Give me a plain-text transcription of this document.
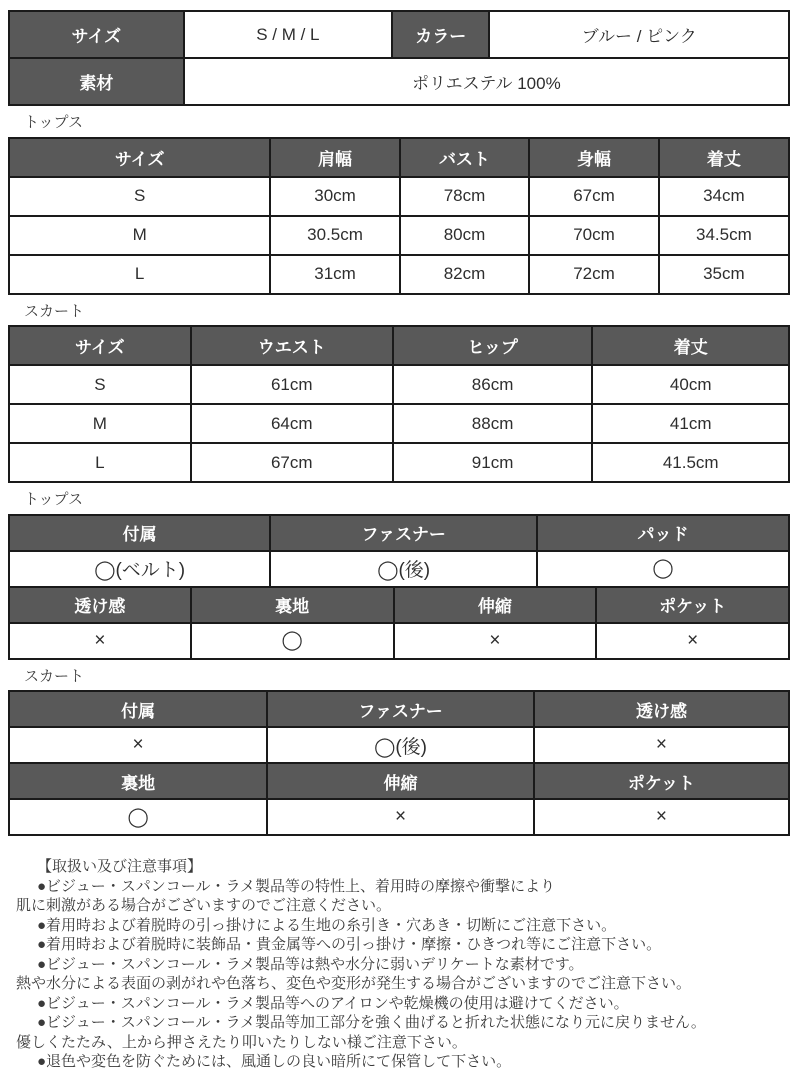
サイズ	S / M / L	カラー	ブルー / ピンク
素材	ポリエステル 100%		
トップス
サイズ	肩幅	バスト	身幅	着丈
S	30cm	78cm	67cm	34cm
M	30.5cm	80cm	70cm	34.5cm
L	31cm	82cm	72cm	35cm
スカート
サイズ	ウエスト	ヒップ	着丈
S	61cm	86cm	40cm
M	64cm	88cm	41cm
L	67cm	91cm	41.5cm
トップス
付属	ファスナー	パッド
◯(ベルト)	◯(後)	◯
透け感	裏地	伸縮	ポケット
×	◯	×	×
スカート
付属	ファスナー	透け感
×	◯(後)	×
裏地	伸縮	ポケット
◯	×	×
【取扱い及び注意事項】
●ビジュー・スパンコール・ラメ製品等の特性上、着用時の摩擦や衝撃により
肌に刺激がある場合がございますのでご注意ください。
●着用時および着脱時の引っ掛けによる生地の糸引き・穴あき・切断にご注意下さい。
●着用時および着脱時に装飾品・貴金属等への引っ掛け・摩擦・ひきつれ等にご注意下さい。
●ビジュー・スパンコール・ラメ製品等は熱や水分に弱いデリケートな素材です。
熱や水分による表面の剥がれや色落ち、変色や変形が発生する場合がございますのでご注意下さい。
●ビジュー・スパンコール・ラメ製品等へのアイロンや乾燥機の使用は避けてください。
●ビジュー・スパンコール・ラメ製品等加工部分を強く曲げると折れた状態になり元に戻りません。
優しくたたみ、上から押さえたり叩いたりしない様ご注意下さい。
●退色や変色を防ぐためには、風通しの良い暗所にて保管して下さい。
